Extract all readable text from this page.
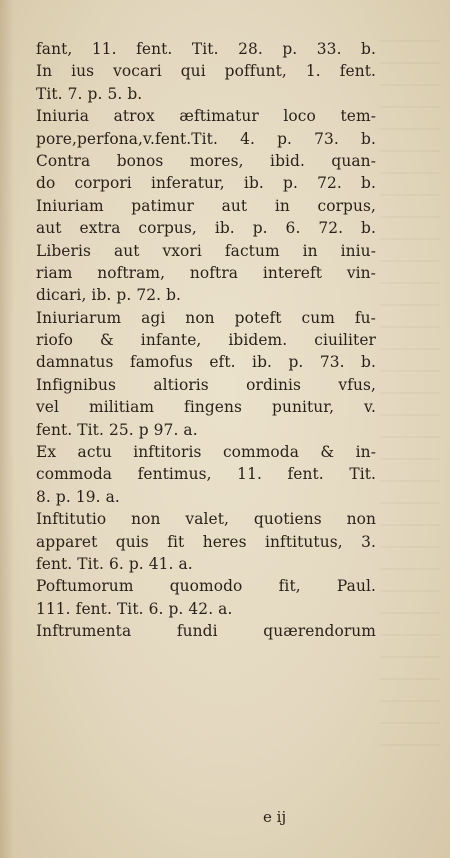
fant, 11. fent. Tit. 28. p. 33. b.
In ius vocari qui poffunt, 1. fent.
Tit. 7. p. 5. b.
Iniuria atrox æftimatur loco tem-
pore,perfona,v.fent.Tit. 4. p. 73. b.
Contra bonos mores, ibid. quan-
do corpori inferatur, ib. p. 72. b.
Iniuriam patimur aut in corpus,
aut extra corpus, ib. p. 6. 72. b.
Liberis aut vxori factum in iniu-
riam noftram, noftra intereft vin-
dicari, ib. p. 72. b.
Iniuriarum agi non poteft cum fu-
riofo & infante, ibidem. ciuiliter
damnatus famofus eft. ib. p. 73. b.
Infignibus altioris ordinis vfus,
vel militiam fingens punitur, v.
fent. Tit. 25. p 97. a.
Ex actu inftitoris commoda & in-
commoda fentimus, 11. fent. Tit.
8. p. 19. a.
Inftitutio non valet, quotiens non
apparet quis fit heres inftitutus, 3.
fent. Tit. 6. p. 41. a.
Poftumorum quomodo fit, Paul.
111. fent. Tit. 6. p. 42. a.
Inftrumenta fundi quærendorum
e ij
